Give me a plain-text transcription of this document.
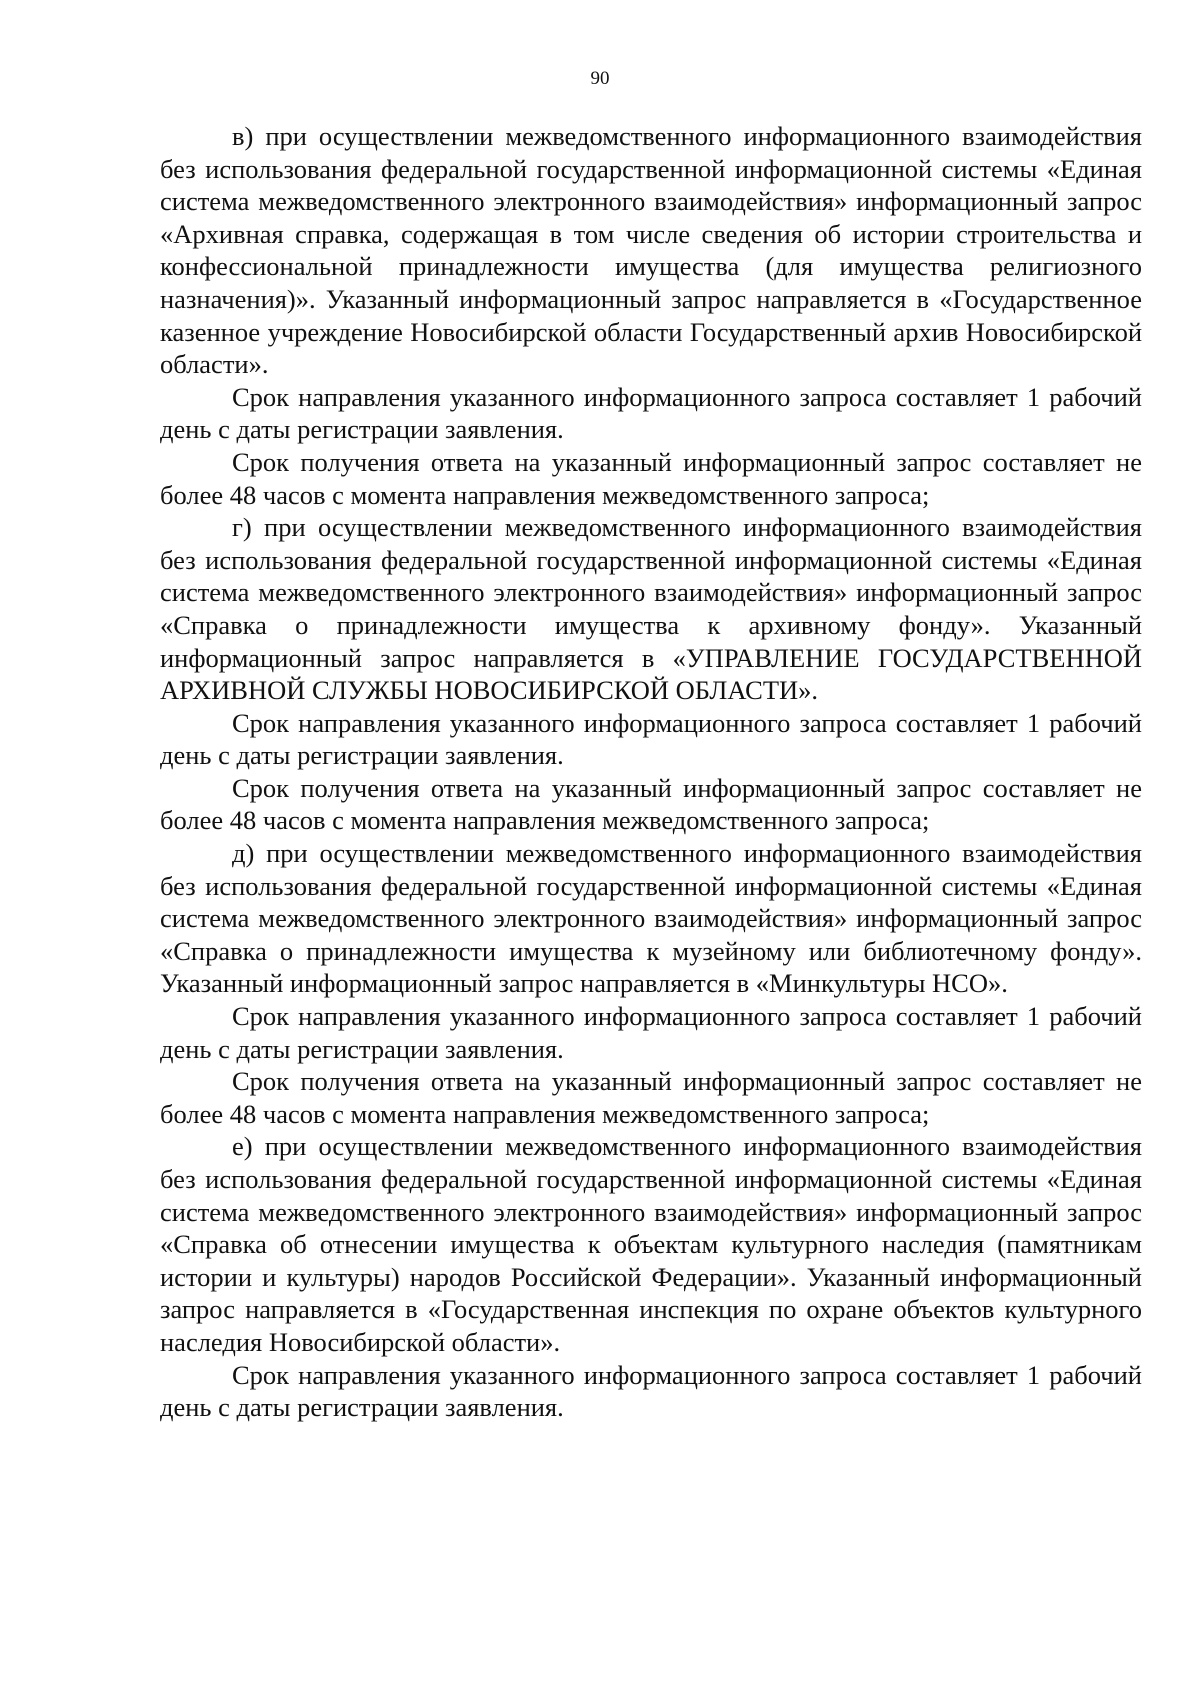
90

в) при осуществлении межведомственного информационного взаимодействия без использования федеральной государственной информационной системы «Единая система межведомственного электронного взаимодействия» информационный запрос «Архивная справка, содержащая в том числе сведения об истории строительства и конфессиональной принадлежности имущества (для имущества религиозного назначения)». Указанный информационный запрос направляется в «Государственное казенное учреждение Новосибирской области Государственный архив Новосибирской области».

Срок направления указанного информационного запроса составляет 1 рабочий день с даты регистрации заявления.

Срок получения ответа на указанный информационный запрос составляет не более 48 часов с момента направления межведомственного запроса;

г) при осуществлении межведомственного информационного взаимодействия без использования федеральной государственной информационной системы «Единая система межведомственного электронного взаимодействия» информационный запрос «Справка о принадлежности имущества к архивному фонду». Указанный информационный запрос направляется в «УПРАВЛЕНИЕ ГОСУДАРСТВЕННОЙ АРХИВНОЙ СЛУЖБЫ НОВОСИБИРСКОЙ ОБЛАСТИ».

Срок направления указанного информационного запроса составляет 1 рабочий день с даты регистрации заявления.

Срок получения ответа на указанный информационный запрос составляет не более 48 часов с момента направления межведомственного запроса;

д) при осуществлении межведомственного информационного взаимодействия без использования федеральной государственной информационной системы «Единая система межведомственного электронного взаимодействия» информационный запрос «Справка о принадлежности имущества к музейному или библиотечному фонду». Указанный информационный запрос направляется в «Минкультуры НСО».

Срок направления указанного информационного запроса составляет 1 рабочий день с даты регистрации заявления.

Срок получения ответа на указанный информационный запрос составляет не более 48 часов с момента направления межведомственного запроса;

е) при осуществлении межведомственного информационного взаимодействия без использования федеральной государственной информационной системы «Единая система межведомственного электронного взаимодействия» информационный запрос «Справка об отнесении имущества к объектам культурного наследия (памятникам истории и культуры) народов Российской Федерации». Указанный информационный запрос направляется в «Государственная инспекция по охране объектов культурного наследия Новосибирской области».

Срок направления указанного информационного запроса составляет 1 рабочий день с даты регистрации заявления.
